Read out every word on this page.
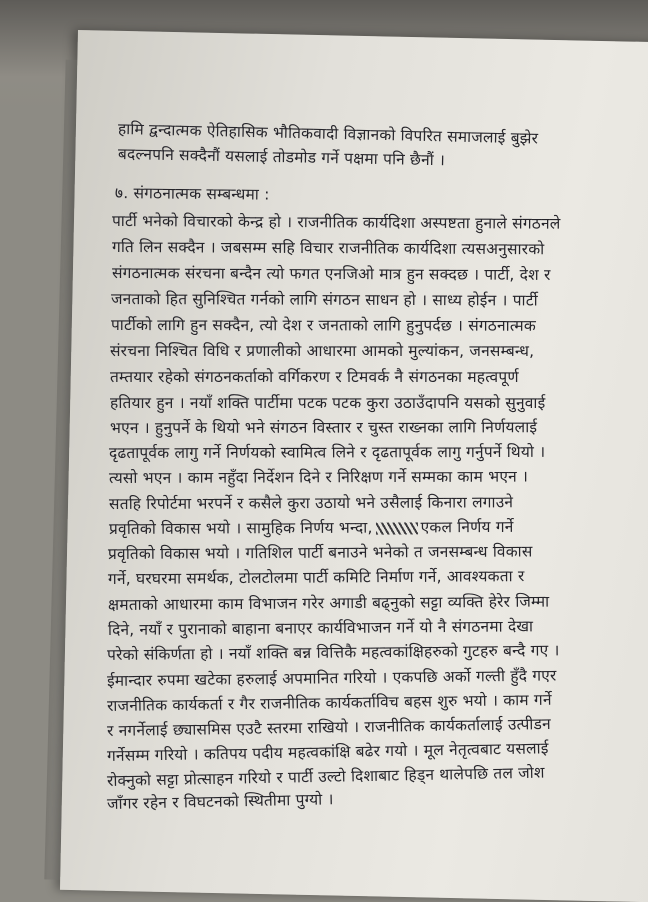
हामि द्वन्दात्मक ऐतिहासिक भौतिकवादी विज्ञानको विपरित समाजलाई बुझेर
बदल्नपनि सक्दैनौं यसलाई तोडमोड गर्ने पक्षमा पनि छैनौं ।
७. संगठनात्मक सम्बन्धमा :
पार्टी भनेको विचारको केन्द्र हो । राजनीतिक कार्यदिशा अस्पष्टता हुनाले संगठनले
गति लिन सक्दैन । जबसम्म सहि विचार राजनीतिक कार्यदिशा त्यसअनुसारको
संगठनात्मक संरचना बन्दैन त्यो फगत एनजिओ मात्र हुन सक्दछ । पार्टी, देश र
जनताको हित सुनिश्चित गर्नको लागि संगठन साधन हो । साध्य होईन । पार्टी
पार्टीको लागि हुन सक्दैन, त्यो देश र जनताको लागि हुनुपर्दछ । संगठनात्मक
संरचना निश्चित विधि र प्रणालीको आधारमा आमको मुल्यांकन, जनसम्बन्ध,
तम्तयार रहेको संगठनकर्ताको वर्गिकरण र टिमवर्क नै संगठनका महत्वपूर्ण
हतियार हुन । नयाँ शक्ति पार्टीमा पटक पटक कुरा उठाउँदापनि यसको सुनुवाई
भएन । हुनुपर्ने के थियो भने संगठन विस्तार र चुस्त राख्नका लागि निर्णयलाई
दृढतापूर्वक लागु गर्ने निर्णयको स्वामित्व लिने र दृढतापूर्वक लागु गर्नुपर्ने थियो ।
त्यसो भएन । काम नहुँदा निर्देशन दिने र निरिक्षण गर्ने सम्मका काम भएन ।
सतहि रिपोर्टमा भरपर्ने र कसैले कुरा उठायो भने उसैलाई किनारा लगाउने
प्रवृतिको विकास भयो । सामुहिक निर्णय भन्दा,	एकल निर्णय गर्ने
प्रवृतिको विकास भयो । गतिशिल पार्टी बनाउने भनेको त जनसम्बन्ध विकास
गर्ने, घरघरमा समर्थक, टोलटोलमा पार्टी कमिटि निर्माण गर्ने, आवश्यकता र
क्षमताको आधारमा काम विभाजन गरेर अगाडी बढ्नुको सट्टा व्यक्ति हेरेर जिम्मा
दिने, नयाँ र पुरानाको बाहाना बनाएर कार्यविभाजन गर्ने यो नै संगठनमा देखा
परेको संकिर्णता हो । नयाँ शक्ति बन्न वित्तिकै महत्वकांक्षिहरुको गुटहरु बन्दै गए ।
ईमान्दार रुपमा खटेका हरुलाई अपमानित गरियो । एकपछि अर्को गल्ती हुँदै गएर
राजनीतिक कार्यकर्ता र गैर राजनीतिक कार्यकर्ताविच बहस शुरु भयो । काम गर्ने
र नगर्नेलाई छ्यासमिस एउटै स्तरमा राखियो । राजनीतिक कार्यकर्तालाई उत्पीडन
गर्नेसम्म गरियो । कतिपय पदीय महत्वकांक्षि बढेर गयो । मूल नेतृत्वबाट यसलाई
रोक्नुको सट्टा प्रोत्साहन गरियो र पार्टी उल्टो दिशाबाट हिड्न थालेपछि तल जोश
जाँगर रहेन र विघटनको स्थितीमा पुग्यो ।
